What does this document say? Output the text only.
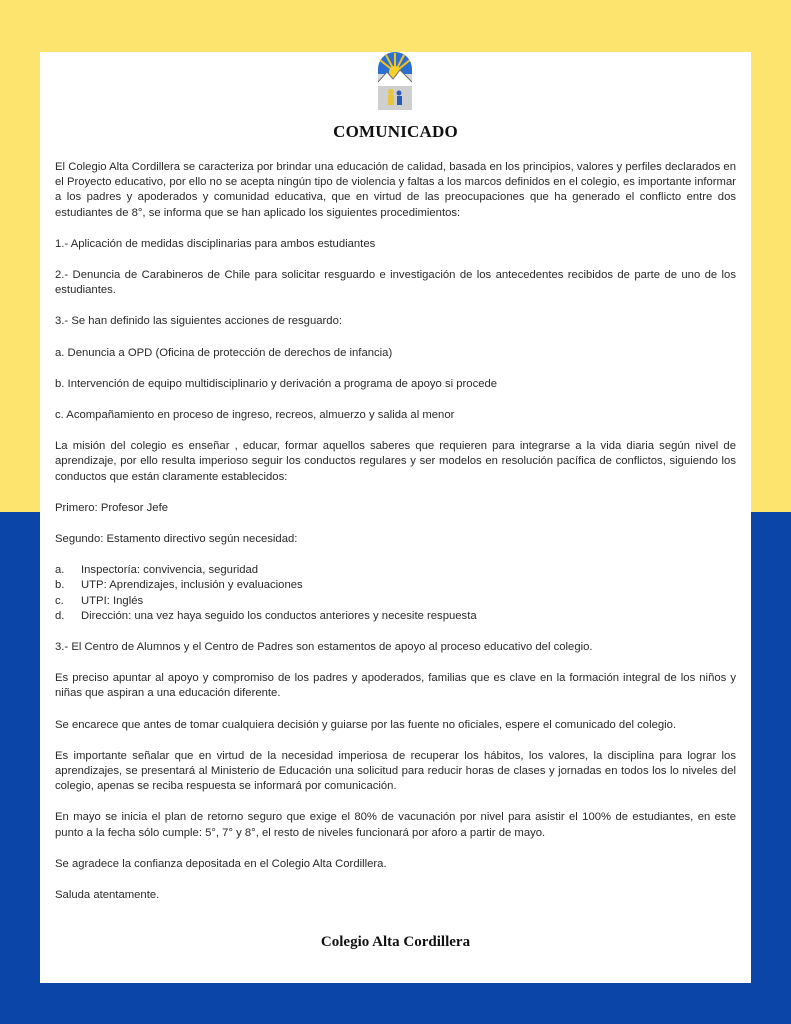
COMUNICADO

El Colegio Alta Cordillera se caracteriza por brindar una educación de calidad, basada en los principios, valores y perfiles declarados en el Proyecto educativo, por ello no se acepta ningún tipo de violencia y faltas a los marcos definidos en el colegio, es importante informar a los padres y apoderados y comunidad educativa, que en virtud de las preocupaciones que ha generado el conflicto entre dos estudiantes de 8°, se informa que se han aplicado los siguientes procedimientos:

1.- Aplicación de medidas disciplinarias para ambos estudiantes

2.- Denuncia de Carabineros de Chile para solicitar resguardo e investigación de los antecedentes recibidos de parte de uno de los estudiantes.

3.- Se han definido las siguientes acciones de resguardo:

a. Denuncia a OPD (Oficina de protección de derechos de infancia)

b. Intervención de equipo multidisciplinario y derivación a programa de apoyo si procede

c. Acompañamiento en proceso de ingreso, recreos, almuerzo y salida al menor

La misión del colegio es enseñar , educar, formar aquellos saberes que requieren para integrarse a la vida diaria según nivel de aprendizaje, por ello resulta imperioso seguir los conductos regulares y ser modelos en resolución pacífica de conflictos, siguiendo los conductos que están claramente establecidos:

Primero: Profesor Jefe

Segundo: Estamento directivo según necesidad:

a.	Inspectoría: convivencia, seguridad
b.	UTP: Aprendizajes, inclusión y evaluaciones
c.	UTPI: Inglés
d.	Dirección: una vez haya seguido los conductos anteriores y necesite respuesta

3.- El Centro de Alumnos y el Centro de Padres son estamentos de apoyo al proceso educativo del colegio.

Es preciso apuntar al apoyo y compromiso de los padres y apoderados, familias que es clave en la formación integral de los niños y niñas que aspiran a una educación diferente.

Se encarece que antes de tomar cualquiera decisión y guiarse por las fuente no oficiales, espere el comunicado del colegio.

Es importante señalar que en virtud de la necesidad imperiosa de recuperar los hábitos, los valores, la disciplina para lograr los aprendizajes, se presentará al Ministerio de Educación una solicitud para reducir horas de clases y jornadas en todos los lo niveles del colegio, apenas se reciba respuesta se informará por comunicación.

En mayo se inicia el plan de retorno seguro que exige el 80% de vacunación por nivel para asistir el 100% de estudiantes, en este punto a la fecha sólo cumple: 5°, 7° y 8°, el resto de niveles funcionará por aforo a partir de mayo.

Se agradece la confianza depositada en el Colegio Alta Cordillera.

Saluda atentamente.

Colegio Alta Cordillera
